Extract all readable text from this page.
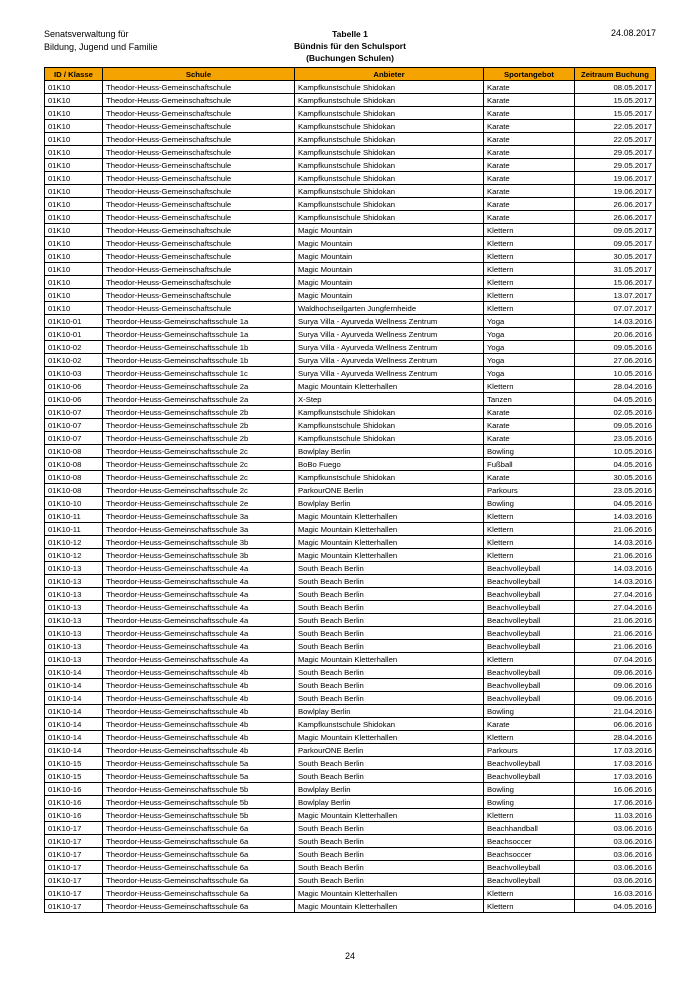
Senatsverwaltung für
Bildung, Jugend und Familie
Tabelle 1
Bündnis für den Schulsport
(Buchungen Schulen)
24.08.2017
ID / Klasse	Schule	Anbieter	Sportangebot	Zeitraum Buchung
01K10	Theodor-Heuss-Gemeinschaftschule	Kampfkunstschule Shidokan	Karate	08.05.2017
01K10	Theodor-Heuss-Gemeinschaftschule	Kampfkunstschule Shidokan	Karate	15.05.2017
01K10	Theodor-Heuss-Gemeinschaftschule	Kampfkunstschule Shidokan	Karate	15.05.2017
01K10	Theodor-Heuss-Gemeinschaftschule	Kampfkunstschule Shidokan	Karate	22.05.2017
01K10	Theodor-Heuss-Gemeinschaftschule	Kampfkunstschule Shidokan	Karate	22.05.2017
01K10	Theodor-Heuss-Gemeinschaftschule	Kampfkunstschule Shidokan	Karate	29.05.2017
01K10	Theodor-Heuss-Gemeinschaftschule	Kampfkunstschule Shidokan	Karate	29.05.2017
01K10	Theodor-Heuss-Gemeinschaftschule	Kampfkunstschule Shidokan	Karate	19.06.2017
01K10	Theodor-Heuss-Gemeinschaftschule	Kampfkunstschule Shidokan	Karate	19.06.2017
01K10	Theodor-Heuss-Gemeinschaftschule	Kampfkunstschule Shidokan	Karate	26.06.2017
01K10	Theodor-Heuss-Gemeinschaftschule	Kampfkunstschule Shidokan	Karate	26.06.2017
01K10	Theodor-Heuss-Gemeinschaftschule	Magic Mountain	Klettern	09.05.2017
01K10	Theodor-Heuss-Gemeinschaftschule	Magic Mountain	Klettern	09.05.2017
01K10	Theodor-Heuss-Gemeinschaftschule	Magic Mountain	Klettern	30.05.2017
01K10	Theodor-Heuss-Gemeinschaftschule	Magic Mountain	Klettern	31.05.2017
01K10	Theodor-Heuss-Gemeinschaftschule	Magic Mountain	Klettern	15.06.2017
01K10	Theodor-Heuss-Gemeinschaftschule	Magic Mountain	Klettern	13.07.2017
01K10	Theodor-Heuss-Gemeinschaftschule	Waldhochseilgarten Jungfernheide	Klettern	07.07.2017
01K10-01	Theordor-Heuss-Gemeinschaftsschule 1a	Surya Villa - Ayurveda Wellness Zentrum	Yoga	14.03.2016
01K10-01	Theordor-Heuss-Gemeinschaftsschule 1a	Surya Villa - Ayurveda Wellness Zentrum	Yoga	20.06.2016
01K10-02	Theordor-Heuss-Gemeinschaftsschule 1b	Surya Villa - Ayurveda Wellness Zentrum	Yoga	09.05.2016
01K10-02	Theordor-Heuss-Gemeinschaftsschule 1b	Surya Villa - Ayurveda Wellness Zentrum	Yoga	27.06.2016
01K10-03	Theordor-Heuss-Gemeinschaftsschule 1c	Surya Villa - Ayurveda Wellness Zentrum	Yoga	10.05.2016
01K10-06	Theordor-Heuss-Gemeinschaftsschule 2a	Magic Mountain Kletterhallen	Klettern	28.04.2016
01K10-06	Theordor-Heuss-Gemeinschaftsschule 2a	X-Step	Tanzen	04.05.2016
01K10-07	Theordor-Heuss-Gemeinschaftsschule 2b	Kampfkunstschule Shidokan	Karate	02.05.2016
01K10-07	Theordor-Heuss-Gemeinschaftsschule 2b	Kampfkunstschule Shidokan	Karate	09.05.2016
01K10-07	Theordor-Heuss-Gemeinschaftsschule 2b	Kampfkunstschule Shidokan	Karate	23.05.2016
01K10-08	Theordor-Heuss-Gemeinschaftsschule 2c	Bowlplay Berlin	Bowling	10.05.2016
01K10-08	Theordor-Heuss-Gemeinschaftsschule 2c	BoBo Fuego	Fußball	04.05.2016
01K10-08	Theordor-Heuss-Gemeinschaftsschule 2c	Kampfkunstschule Shidokan	Karate	30.05.2016
01K10-08	Theordor-Heuss-Gemeinschaftsschule 2c	ParkourONE Berlin	Parkours	23.05.2016
01K10-10	Theordor-Heuss-Gemeinschaftsschule 2e	Bowlplay Berlin	Bowling	04.05.2016
01K10-11	Theordor-Heuss-Gemeinschaftsschule 3a	Magic Mountain Kletterhallen	Klettern	14.03.2016
01K10-11	Theordor-Heuss-Gemeinschaftsschule 3a	Magic Mountain Kletterhallen	Klettern	21.06.2016
01K10-12	Theordor-Heuss-Gemeinschaftsschule 3b	Magic Mountain Kletterhallen	Klettern	14.03.2016
01K10-12	Theordor-Heuss-Gemeinschaftsschule 3b	Magic Mountain Kletterhallen	Klettern	21.06.2016
01K10-13	Theordor-Heuss-Gemeinschaftsschule 4a	South Beach Berlin	Beachvolleyball	14.03.2016
01K10-13	Theordor-Heuss-Gemeinschaftsschule 4a	South Beach Berlin	Beachvolleyball	14.03.2016
01K10-13	Theordor-Heuss-Gemeinschaftsschule 4a	South Beach Berlin	Beachvolleyball	27.04.2016
01K10-13	Theordor-Heuss-Gemeinschaftsschule 4a	South Beach Berlin	Beachvolleyball	27.04.2016
01K10-13	Theordor-Heuss-Gemeinschaftsschule 4a	South Beach Berlin	Beachvolleyball	21.06.2016
01K10-13	Theordor-Heuss-Gemeinschaftsschule 4a	South Beach Berlin	Beachvolleyball	21.06.2016
01K10-13	Theordor-Heuss-Gemeinschaftsschule 4a	South Beach Berlin	Beachvolleyball	21.06.2016
01K10-13	Theordor-Heuss-Gemeinschaftsschule 4a	Magic Mountain Kletterhallen	Klettern	07.04.2016
01K10-14	Theordor-Heuss-Gemeinschaftsschule 4b	South Beach Berlin	Beachvolleyball	09.06.2016
01K10-14	Theordor-Heuss-Gemeinschaftsschule 4b	South Beach Berlin	Beachvolleyball	09.06.2016
01K10-14	Theordor-Heuss-Gemeinschaftsschule 4b	South Beach Berlin	Beachvolleyball	09.06.2016
01K10-14	Theordor-Heuss-Gemeinschaftsschule 4b	Bowlplay Berlin	Bowling	21.04.2016
01K10-14	Theordor-Heuss-Gemeinschaftsschule 4b	Kampfkunstschule Shidokan	Karate	06.06.2016
01K10-14	Theordor-Heuss-Gemeinschaftsschule 4b	Magic Mountain Kletterhallen	Klettern	28.04.2016
01K10-14	Theordor-Heuss-Gemeinschaftsschule 4b	ParkourONE Berlin	Parkours	17.03.2016
01K10-15	Theordor-Heuss-Gemeinschaftsschule 5a	South Beach Berlin	Beachvolleyball	17.03.2016
01K10-15	Theordor-Heuss-Gemeinschaftsschule 5a	South Beach Berlin	Beachvolleyball	17.03.2016
01K10-16	Theordor-Heuss-Gemeinschaftsschule 5b	Bowlplay Berlin	Bowling	16.06.2016
01K10-16	Theordor-Heuss-Gemeinschaftsschule 5b	Bowlplay Berlin	Bowling	17.06.2016
01K10-16	Theordor-Heuss-Gemeinschaftsschule 5b	Magic Mountain Kletterhallen	Klettern	11.03.2016
01K10-17	Theordor-Heuss-Gemeinschaftsschule 6a	South Beach Berlin	Beachhandball	03.06.2016
01K10-17	Theordor-Heuss-Gemeinschaftsschule 6a	South Beach Berlin	Beachsoccer	03.06.2016
01K10-17	Theordor-Heuss-Gemeinschaftsschule 6a	South Beach Berlin	Beachsoccer	03.06.2016
01K10-17	Theordor-Heuss-Gemeinschaftsschule 6a	South Beach Berlin	Beachvolleyball	03.06.2016
01K10-17	Theordor-Heuss-Gemeinschaftsschule 6a	South Beach Berlin	Beachvolleyball	03.06.2016
01K10-17	Theordor-Heuss-Gemeinschaftsschule 6a	Magic Mountain Kletterhallen	Klettern	16.03.2016
01K10-17	Theordor-Heuss-Gemeinschaftsschule 6a	Magic Mountain Kletterhallen	Klettern	04.05.2016
24
